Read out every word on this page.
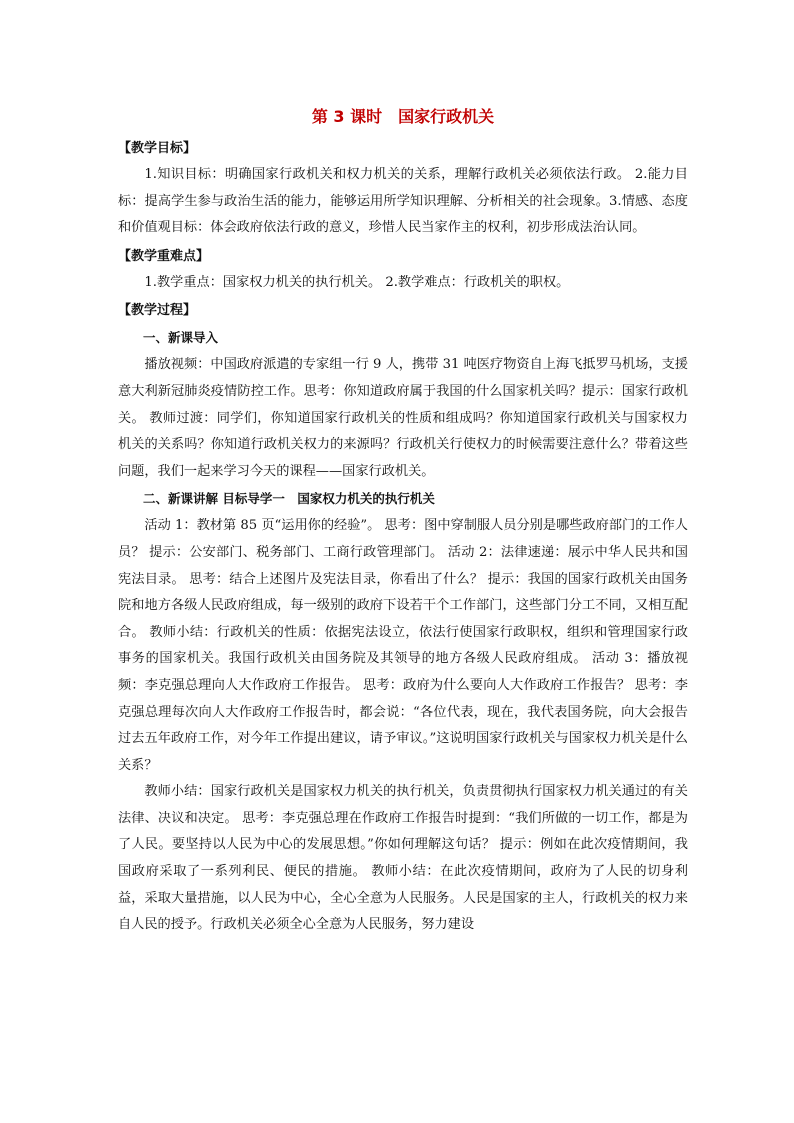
第 3 课时　国家行政机关
【教学目标】

1.知识目标：明确国家行政机关和权力机关的关系，理解行政机关必须依法行政。 2.能力目标：提高学生参与政治生活的能力，能够运用所学知识理解、分析相关的社会现象。3.情感、态度和价值观目标：体会政府依法行政的意义，珍惜人民当家作主的权利，初步形成法治认同。

【教学重难点】

1.教学重点：国家权力机关的执行机关。 2.教学难点：行政机关的职权。

【教学过程】
一、新课导入

播放视频：中国政府派遣的专家组一行 9 人，携带 31 吨医疗物资自上海飞抵罗马机场，支援意大利新冠肺炎疫情防控工作。思考：你知道政府属于我国的什么国家机关吗？提示：国家行政机关。 教师过渡：同学们，你知道国家行政机关的性质和组成吗？你知道国家行政机关与国家权力机关的关系吗？你知道行政机关权力的来源吗？行政机关行使权力的时候需要注意什么？带着这些问题，我们一起来学习今天的课程——国家行政机关。

二、新课讲解 目标导学一　国家权力机关的执行机关

活动 1：教材第 85 页“运用你的经验”。 思考：图中穿制服人员分别是哪些政府部门的工作人员？ 提示：公安部门、税务部门、工商行政管理部门。 活动 2：法律速递：展示中华人民共和国宪法目录。 思考：结合上述图片及宪法目录，你看出了什么？ 提示：我国的国家行政机关由国务院和地方各级人民政府组成，每一级别的政府下设若干个工作部门，这些部门分工不同，又相互配合。 教师小结：行政机关的性质：依据宪法设立，依法行使国家行政职权，组织和管理国家行政事务的国家机关。我国行政机关由国务院及其领导的地方各级人民政府组成。 活动 3：播放视频：李克强总理向人大作政府工作报告。 思考：政府为什么要向人大作政府工作报告？ 思考：李克强总理每次向人大作政府工作报告时，都会说：“各位代表，现在，我代表国务院，向大会报告过去五年政府工作，对今年工作提出建议，请予审议。”这说明国家行政机关与国家权力机关是什么关系？

教师小结：国家行政机关是国家权力机关的执行机关，负责贯彻执行国家权力机关通过的有关法律、决议和决定。 思考：李克强总理在作政府工作报告时提到：“我们所做的一切工作，都是为了人民。要坚持以人民为中心的发展思想。”你如何理解这句话？ 提示：例如在此次疫情期间，我国政府采取了一系列利民、便民的措施。 教师小结：在此次疫情期间，政府为了人民的切身利益，采取大量措施，以人民为中心，全心全意为人民服务。人民是国家的主人，行政机关的权力来自人民的授予。行政机关必须全心全意为人民服务，努力建设
